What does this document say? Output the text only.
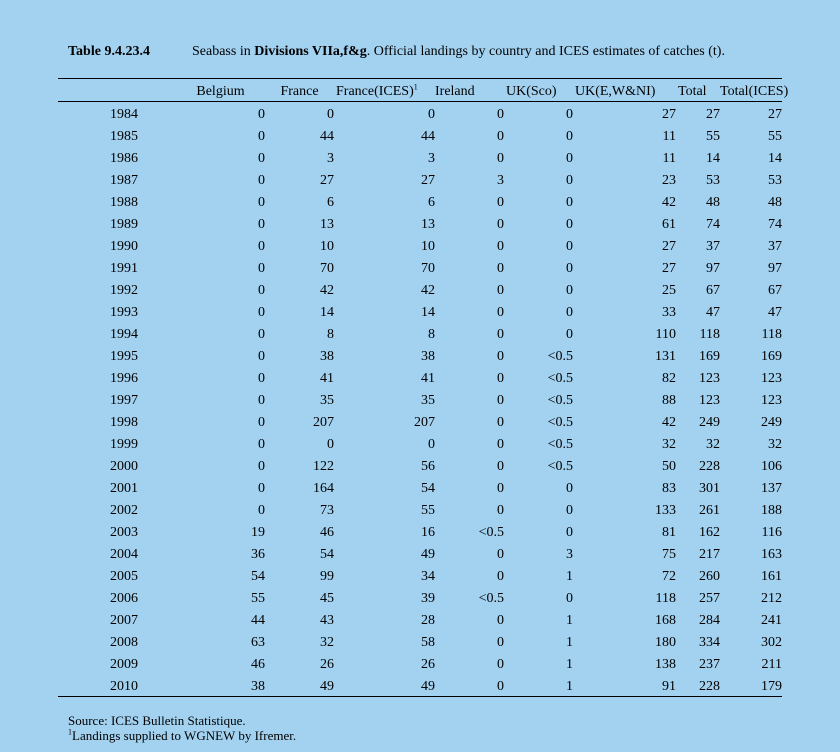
Table 9.4.23.4	Seabass in Divisions VIIa,f&g. Official landings by country and ICES estimates of catches (t).
	Belgium	France	France(ICES)$^1$	Ireland	UK(Sco)	UK(E,W&NI)	Total	Total(ICES)
1984	0	0	0	0	0	27	27	27
1985	0	44	44	0	0	11	55	55
1986	0	3	3	0	0	11	14	14
1987	0	27	27	3	0	23	53	53
1988	0	6	6	0	0	42	48	48
1989	0	13	13	0	0	61	74	74
1990	0	10	10	0	0	27	37	37
1991	0	70	70	0	0	27	97	97
1992	0	42	42	0	0	25	67	67
1993	0	14	14	0	0	33	47	47
1994	0	8	8	0	0	110	118	118
1995	0	38	38	0	<0.5	131	169	169
1996	0	41	41	0	<0.5	82	123	123
1997	0	35	35	0	<0.5	88	123	123
1998	0	207	207	0	<0.5	42	249	249
1999	0	0	0	0	<0.5	32	32	32
2000	0	122	56	0	<0.5	50	228	106
2001	0	164	54	0	0	83	301	137
2002	0	73	55	0	0	133	261	188
2003	19	46	16	<0.5	0	81	162	116
2004	36	54	49	0	3	75	217	163
2005	54	99	34	0	1	72	260	161
2006	55	45	39	<0.5	0	118	257	212
2007	44	43	28	0	1	168	284	241
2008	63	32	58	0	1	180	334	302
2009	46	26	26	0	1	138	237	211
2010	38	49	49	0	1	91	228	179
Source: ICES Bulletin Statistique.
$^1$Landings supplied to WGNEW by Ifremer.
